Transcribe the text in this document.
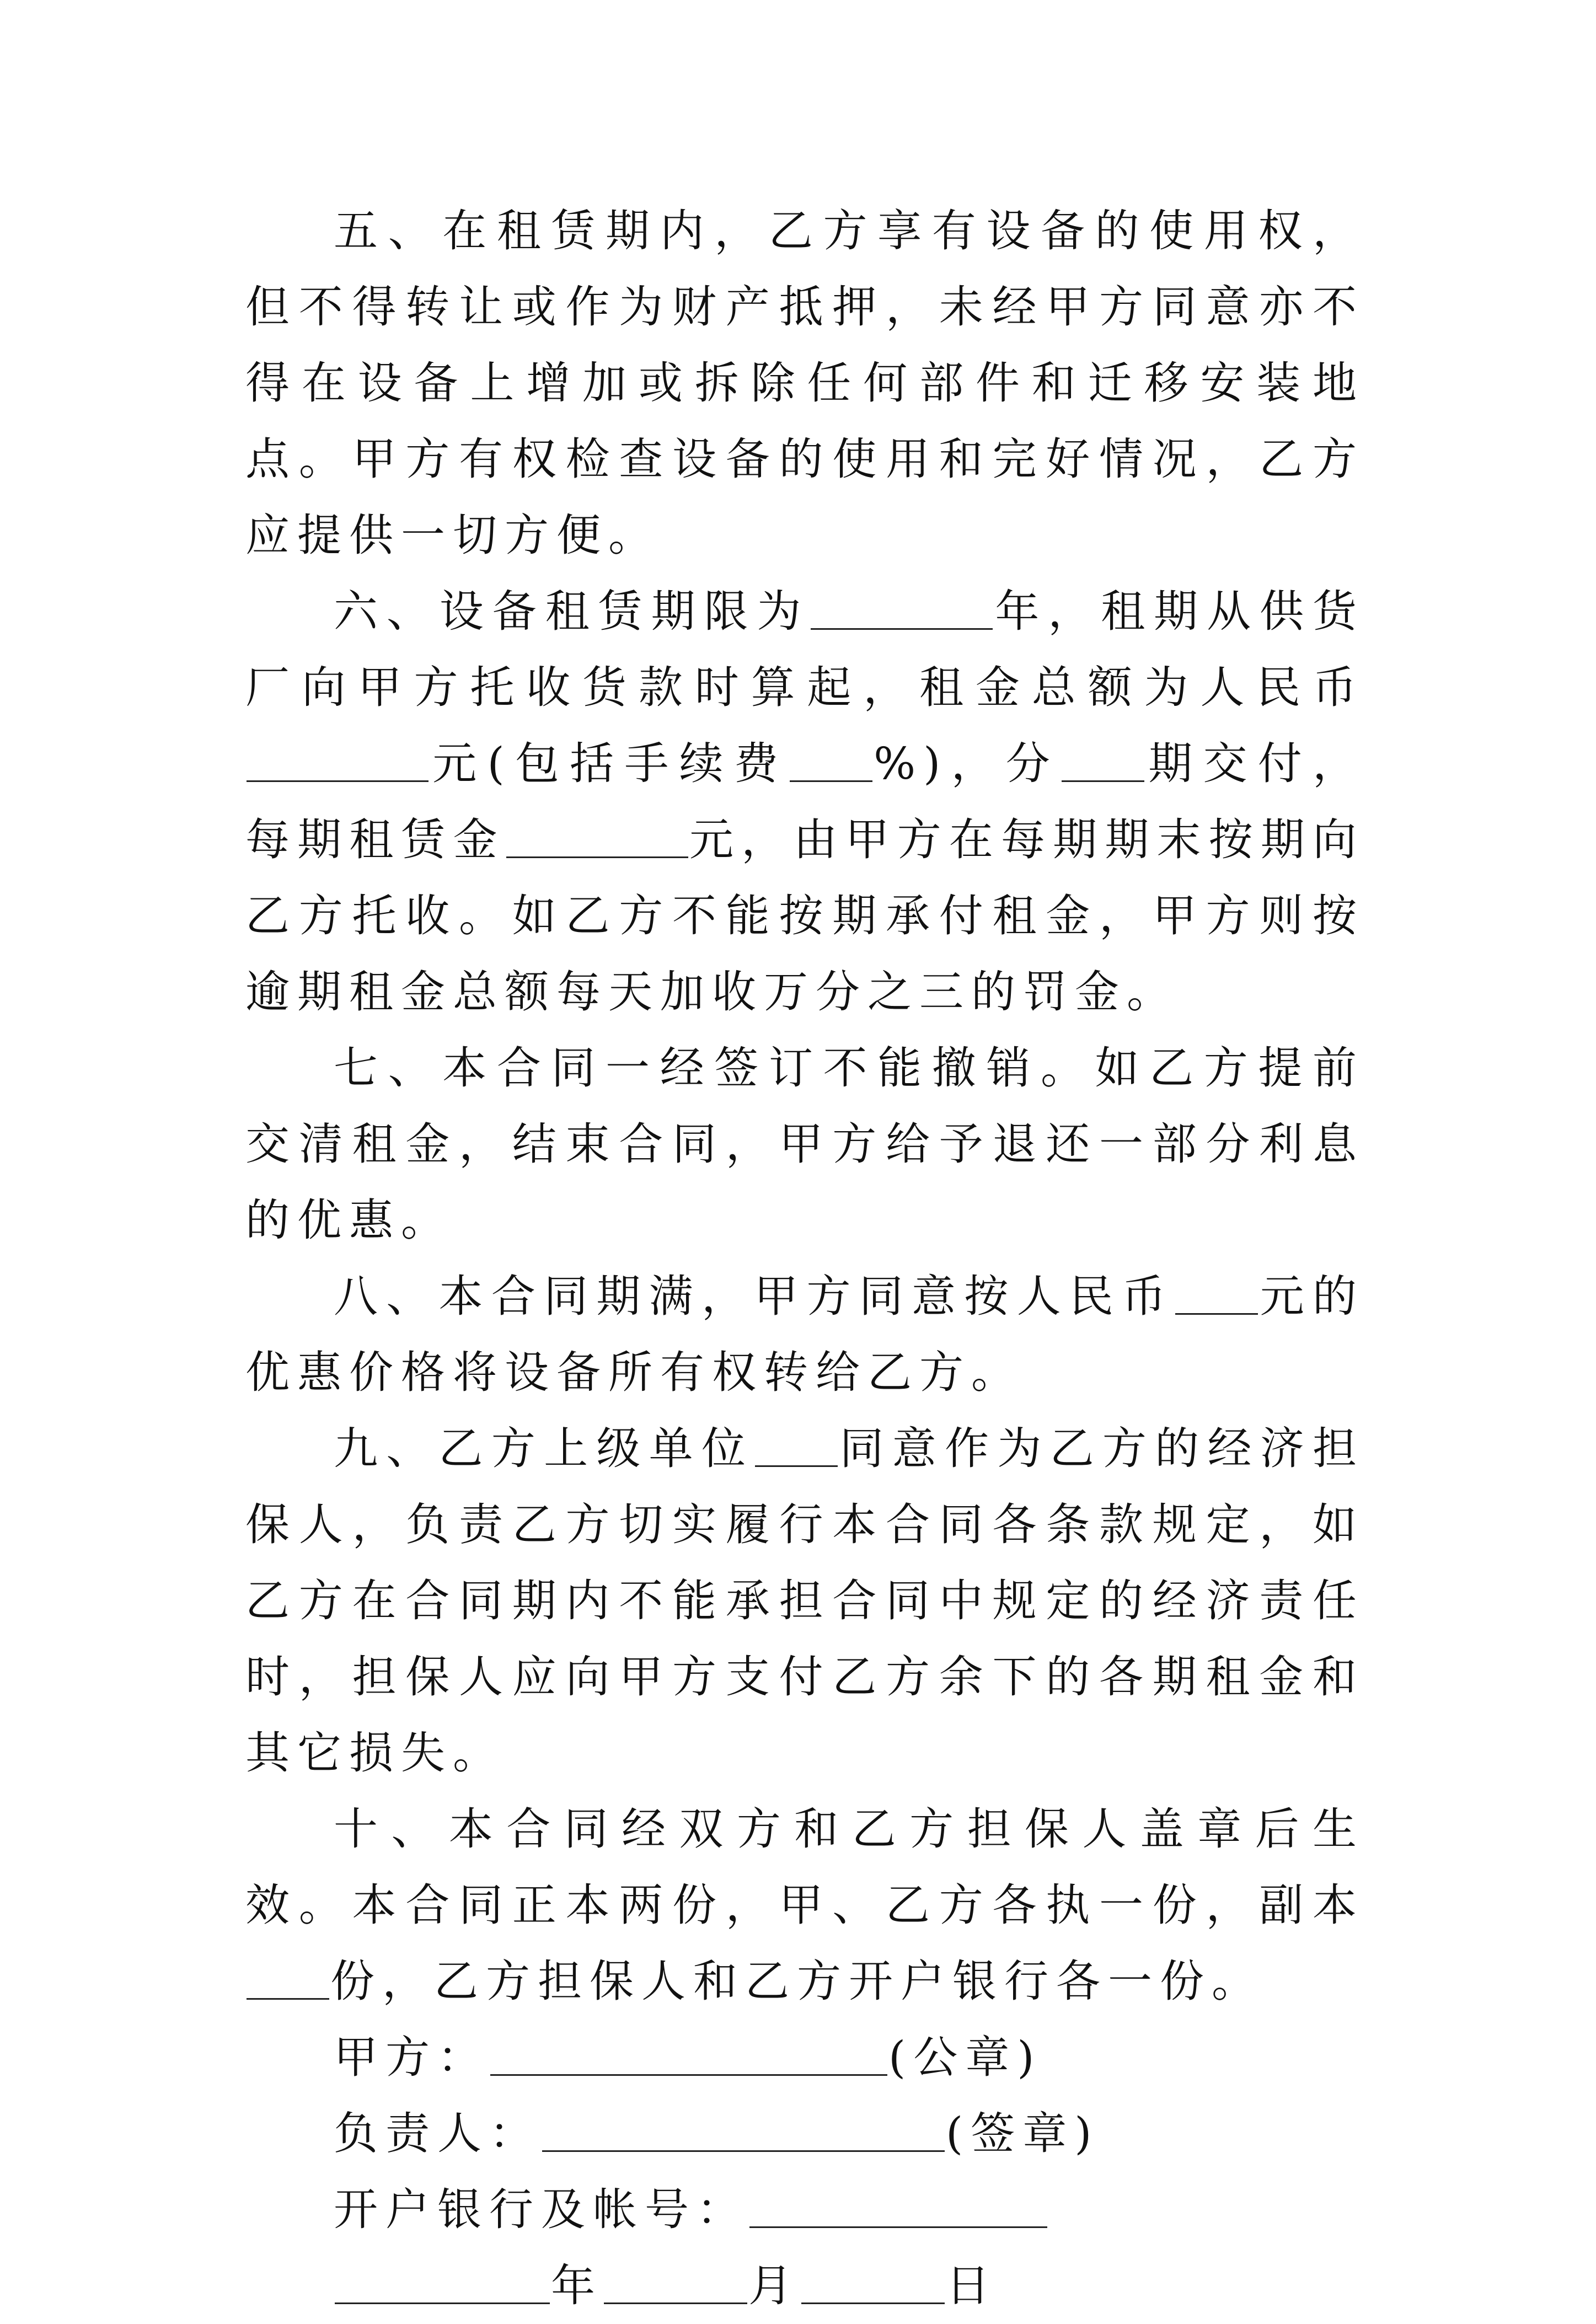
五、在租赁期内，乙方享有设备的使用权，但不得转让或作为财产抵押，未经甲方同意亦不得在设备上增加或拆除任何部件和迁移安装地点。甲方有权检查设备的使用和完好情况，乙方应提供一切方便。

六、设备租赁期限为	年，租期从供货厂向甲方托收货款时算起，租金总额为人民币元(包括手续费 %)，分 期交付，每期租赁金	元，由甲方在每期期末按期向乙方托收。如乙方不能按期承付租金，甲方则按逾期租金总额每天加收万分之三的罚金。

七、本合同一经签订不能撤销。如乙方提前交清租金，结束合同，甲方给予退还一部分利息的优惠。

八、本合同期满，甲方同意按人民币 元的优惠价格将设备所有权转给乙方。

九、乙方上级单位 同意作为乙方的经济担保人，负责乙方切实履行本合同各条款规定，如乙方在合同期内不能承担合同中规定的经济责任时，担保人应向甲方支付乙方余下的各期租金和其它损失。

十、本合同经双方和乙方担保人盖章后生效。本合同正本两份，甲、乙方各执一份，副本份，乙方担保人和乙方开户银行各一份。

甲方：	(公章)
负责人：	(签章)
开户银行及帐号：
年	月	日
